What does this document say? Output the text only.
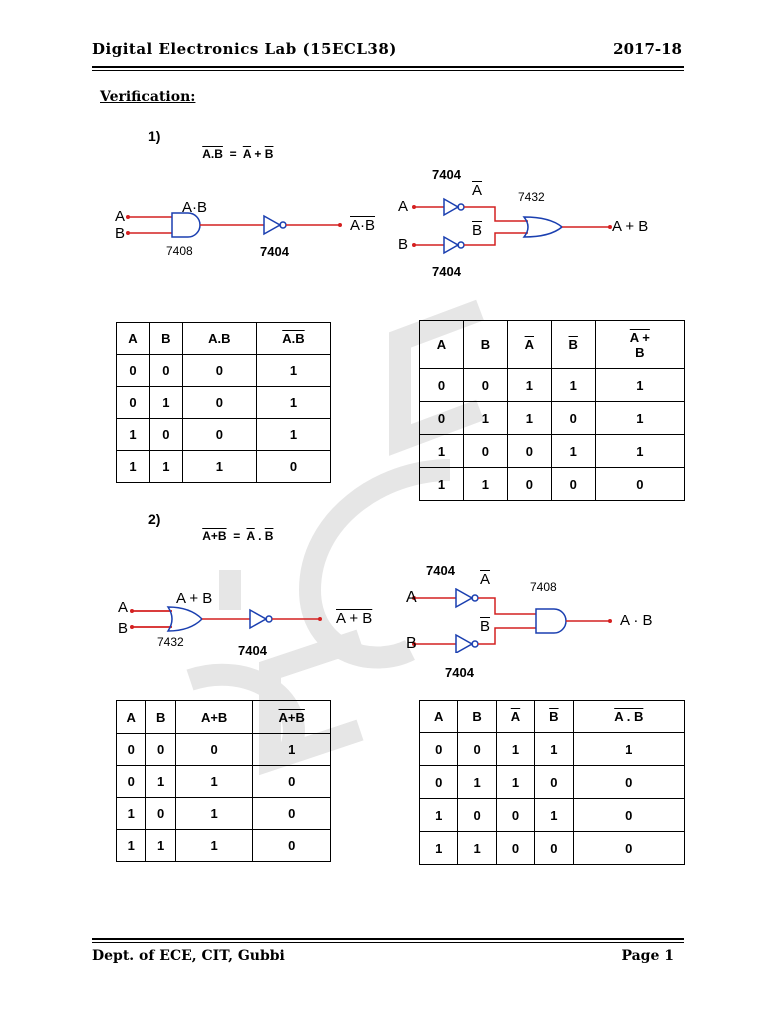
Digital Electronics Lab (15ECL38)	2017-18
Verification:
1)

$A.B = \overline{A} + \overline{B}$

A
B
A·B
A·B
7408	7404
7404
$\overline{A}$	7432
A
$\overline{B}$
B
A + B
7404
A	B	A.B	A.B
0	0	0	1
0	1	0	1
1	0	0	1
1	1	1	0
A	B	$\overline{A}$	$\overline{B}$	A +
B
0	0	1	1	1
0	1	1	0	1
1	0	0	1	1
1	1	0	0	0
2)

$A+B = \overline{A}$ . $\overline{B}$

A
B
A + B
A + B
7432
7404
7404
$\overline{A}$	7408
A
$\overline{B}$
B
A · B
7404
A	B	A+B	A+B
0	0	0	1
0	1	1	0
1	0	1	0
1	1	1	0
A	B	$\overline{A}$	$\overline{B}$	A . B
0	0	1	1	1
0	1	1	0	0
1	0	0	1	0
1	1	0	0	0
Dept. of ECE, CIT, Gubbi	Page 1
